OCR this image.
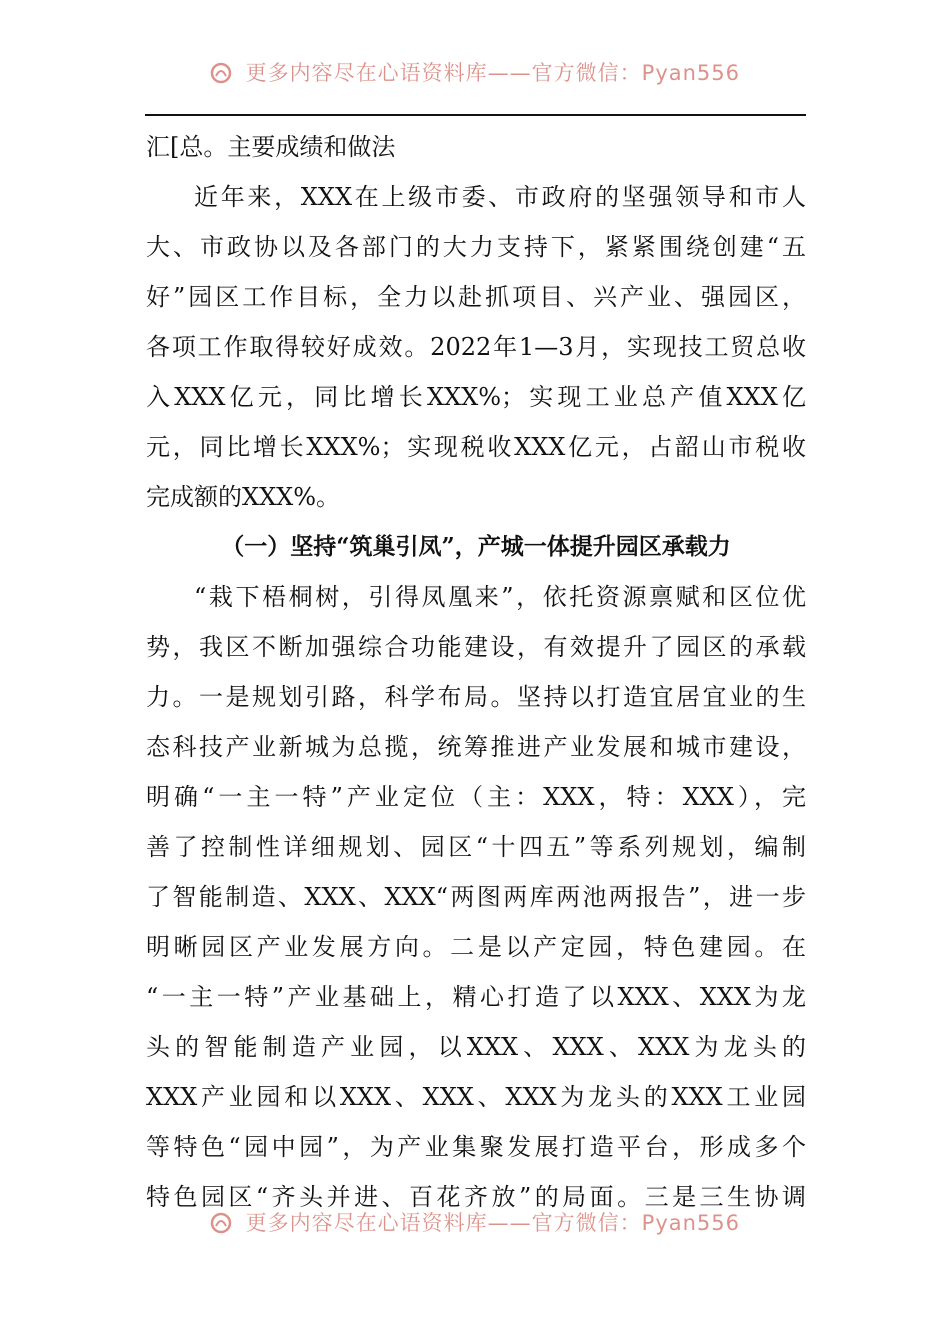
更多内容尽在心语资料库——官方微信：Pyan556
汇[总。主要成绩和做法
近年来，XXX在上级市委、市政府的坚强领导和市人
大、市政协以及各部门的大力支持下，紧紧围绕创建“五
好”园区工作目标，全力以赴抓项目、兴产业、强园区，
各项工作取得较好成效。2022年1—3月，实现技工贸总收
入XXX亿元，同比增长XXX%；实现工业总产值XXX亿
元，同比增长XXX%；实现税收XXX亿元，占韶山市税收
完成额的XXX%。
（一）坚持“筑巢引凤”，产城一体提升园区承载力
“栽下梧桐树，引得凤凰来”，依托资源禀赋和区位优
势，我区不断加强综合功能建设，有效提升了园区的承载
力。一是规划引路，科学布局。坚持以打造宜居宜业的生
态科技产业新城为总揽，统筹推进产业发展和城市建设，
明确“一主一特”产业定位（主：XXX，特：XXX），完
善了控制性详细规划、园区“十四五”等系列规划，编制
了智能制造、XXX、XXX“两图两库两池两报告”，进一步
明晰园区产业发展方向。二是以产定园，特色建园。在
“一主一特”产业基础上，精心打造了以XXX、XXX为龙
头的智能制造产业园，以XXX、XXX、XXX为龙头的
XXX产业园和以XXX、XXX、XXX为龙头的XXX工业园
等特色“园中园”，为产业集聚发展打造平台，形成多个
特色园区“齐头并进、百花齐放”的局面。三是三生协调
更多内容尽在心语资料库——官方微信：Pyan556
